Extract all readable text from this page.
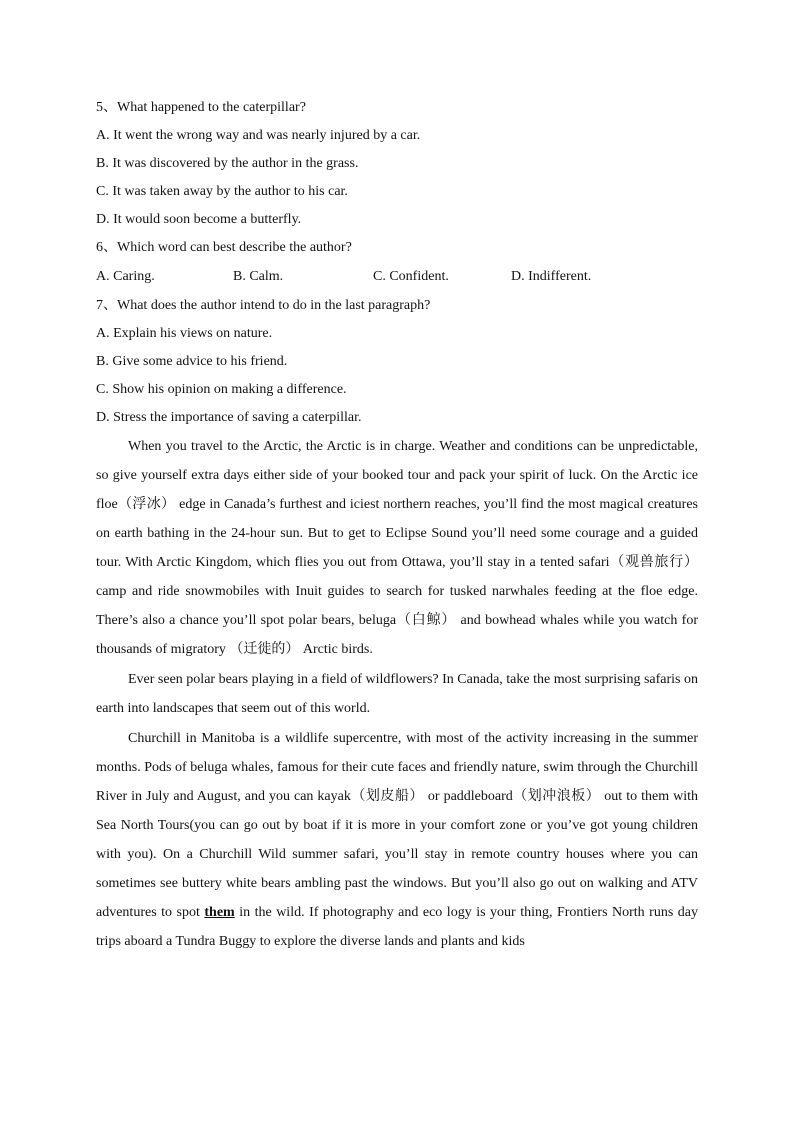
5、What happened to the caterpillar?

A. It went the wrong way and was nearly injured by a car.

B. It was discovered by the author in the grass.

C. It was taken away by the author to his car.

D. It would soon become a butterfly.

6、Which word can best describe the author?

A. Caring.	B. Calm.	C. Confident.	D. Indifferent.

7、What does the author intend to do in the last paragraph?

A. Explain his views on nature.

B. Give some advice to his friend.

C. Show his opinion on making a difference.

D. Stress the importance of saving a caterpillar.

When you travel to the Arctic, the Arctic is in charge. Weather and conditions can be unpredictable, so give yourself extra days either side of your booked tour and pack your spirit of luck. On the Arctic ice floe（浮冰） edge in Canada’s furthest and iciest northern reaches, you’ll find the most magical creatures on earth bathing in the 24-hour sun. But to get to Eclipse Sound you’ll need some courage and a guided tour. With Arctic Kingdom, which flies you out from Ottawa, you’ll stay in a tented safari（观兽旅行） camp and ride snowmobiles with Inuit guides to search for tusked narwhales feeding at the floe edge. There’s also a chance you’ll spot polar bears, beluga（白鲸） and bowhead whales while you watch for thousands of migratory （迁徙的） Arctic birds.

Ever seen polar bears playing in a field of wildflowers? In Canada, take the most surprising safaris on earth into landscapes that seem out of this world.

Churchill in Manitoba is a wildlife supercentre, with most of the activity increasing in the summer months. Pods of beluga whales, famous for their cute faces and friendly nature, swim through the Churchill River in July and August, and you can kayak（划皮船） or paddleboard（划冲浪板） out to them with Sea North Tours(you can go out by boat if it is more in your comfort zone or you’ve got young children with you). On a Churchill Wild summer safari, you’ll stay in remote country houses where you can sometimes see buttery white bears ambling past the windows. But you’ll also go out on walking and ATV adventures to spot them in the wild. If photography and eco logy is your thing, Frontiers North runs day trips aboard a Tundra Buggy to explore the diverse lands and plants and kids
